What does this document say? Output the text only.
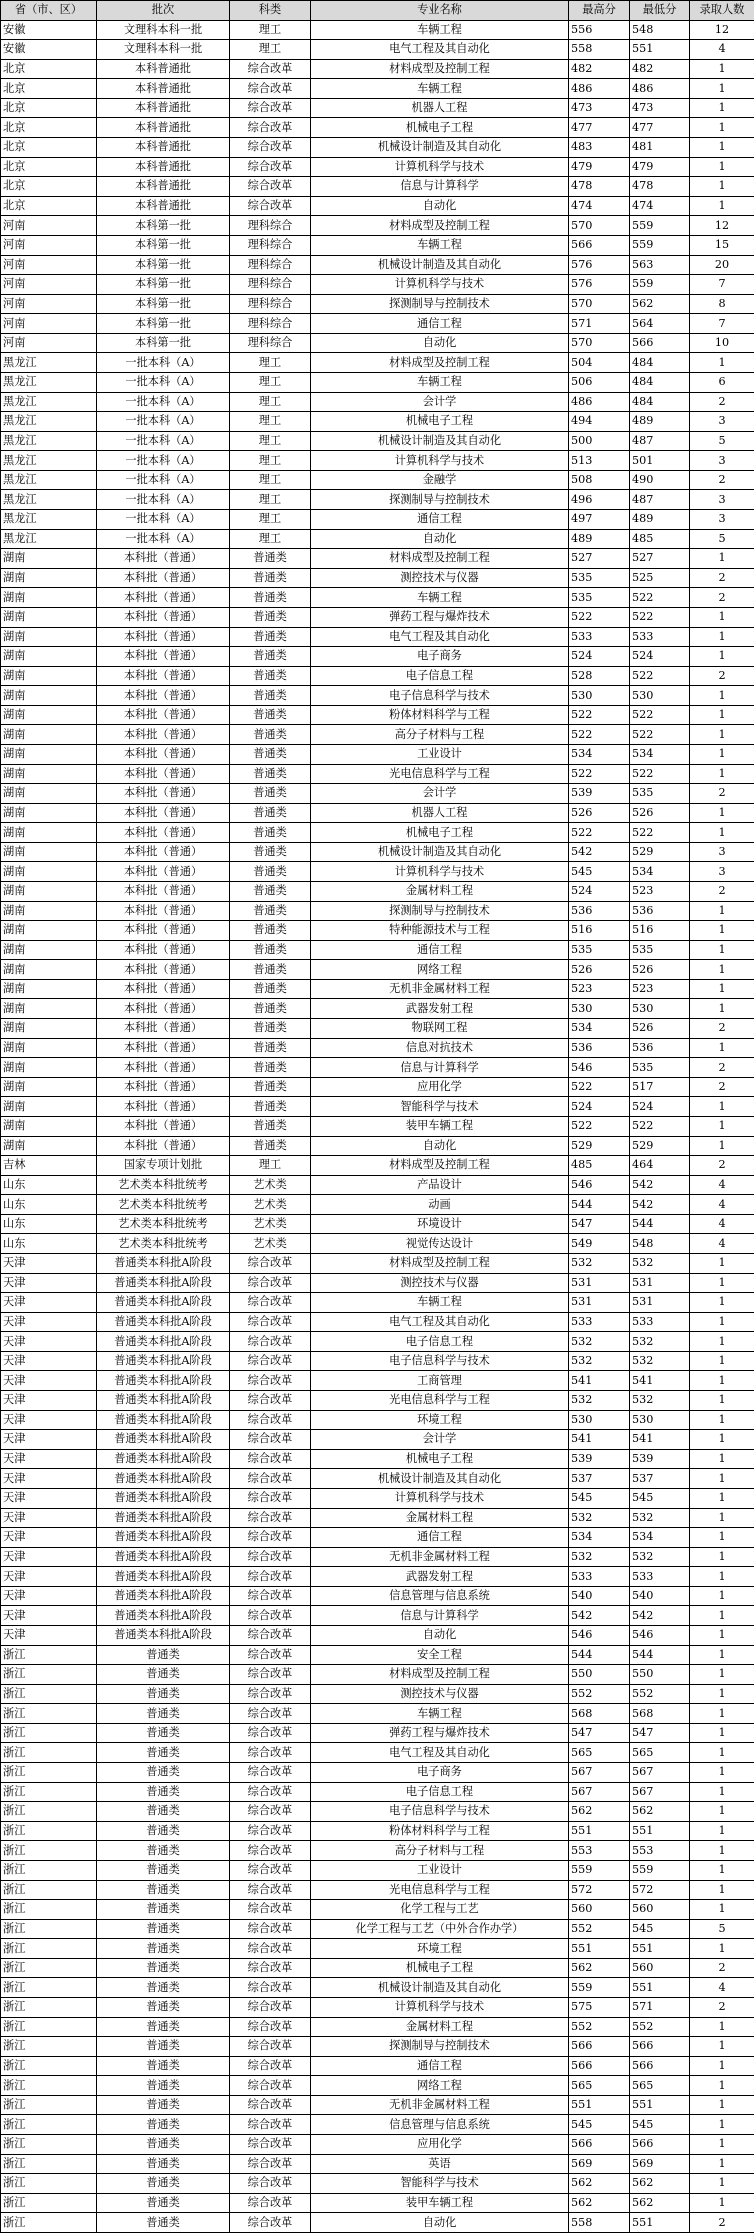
省（市、区）	批次	科类	专业名称	最高分	最低分	录取人数
安徽	文理科本科一批	理工	车辆工程	556	548	12
安徽	文理科本科一批	理工	电气工程及其自动化	558	551	4
北京	本科普通批	综合改革	材料成型及控制工程	482	482	1
北京	本科普通批	综合改革	车辆工程	486	486	1
北京	本科普通批	综合改革	机器人工程	473	473	1
北京	本科普通批	综合改革	机械电子工程	477	477	1
北京	本科普通批	综合改革	机械设计制造及其自动化	483	481	1
北京	本科普通批	综合改革	计算机科学与技术	479	479	1
北京	本科普通批	综合改革	信息与计算科学	478	478	1
北京	本科普通批	综合改革	自动化	474	474	1
河南	本科第一批	理科综合	材料成型及控制工程	570	559	12
河南	本科第一批	理科综合	车辆工程	566	559	15
河南	本科第一批	理科综合	机械设计制造及其自动化	576	563	20
河南	本科第一批	理科综合	计算机科学与技术	576	559	7
河南	本科第一批	理科综合	探测制导与控制技术	570	562	8
河南	本科第一批	理科综合	通信工程	571	564	7
河南	本科第一批	理科综合	自动化	570	566	10
黑龙江	一批本科（A）	理工	材料成型及控制工程	504	484	1
黑龙江	一批本科（A）	理工	车辆工程	506	484	6
黑龙江	一批本科（A）	理工	会计学	486	484	2
黑龙江	一批本科（A）	理工	机械电子工程	494	489	3
黑龙江	一批本科（A）	理工	机械设计制造及其自动化	500	487	5
黑龙江	一批本科（A）	理工	计算机科学与技术	513	501	3
黑龙江	一批本科（A）	理工	金融学	508	490	2
黑龙江	一批本科（A）	理工	探测制导与控制技术	496	487	3
黑龙江	一批本科（A）	理工	通信工程	497	489	3
黑龙江	一批本科（A）	理工	自动化	489	485	5
湖南	本科批（普通）	普通类	材料成型及控制工程	527	527	1
湖南	本科批（普通）	普通类	测控技术与仪器	535	525	2
湖南	本科批（普通）	普通类	车辆工程	535	522	2
湖南	本科批（普通）	普通类	弹药工程与爆炸技术	522	522	1
湖南	本科批（普通）	普通类	电气工程及其自动化	533	533	1
湖南	本科批（普通）	普通类	电子商务	524	524	1
湖南	本科批（普通）	普通类	电子信息工程	528	522	2
湖南	本科批（普通）	普通类	电子信息科学与技术	530	530	1
湖南	本科批（普通）	普通类	粉体材料科学与工程	522	522	1
湖南	本科批（普通）	普通类	高分子材料与工程	522	522	1
湖南	本科批（普通）	普通类	工业设计	534	534	1
湖南	本科批（普通）	普通类	光电信息科学与工程	522	522	1
湖南	本科批（普通）	普通类	会计学	539	535	2
湖南	本科批（普通）	普通类	机器人工程	526	526	1
湖南	本科批（普通）	普通类	机械电子工程	522	522	1
湖南	本科批（普通）	普通类	机械设计制造及其自动化	542	529	3
湖南	本科批（普通）	普通类	计算机科学与技术	545	534	3
湖南	本科批（普通）	普通类	金属材料工程	524	523	2
湖南	本科批（普通）	普通类	探测制导与控制技术	536	536	1
湖南	本科批（普通）	普通类	特种能源技术与工程	516	516	1
湖南	本科批（普通）	普通类	通信工程	535	535	1
湖南	本科批（普通）	普通类	网络工程	526	526	1
湖南	本科批（普通）	普通类	无机非金属材料工程	523	523	1
湖南	本科批（普通）	普通类	武器发射工程	530	530	1
湖南	本科批（普通）	普通类	物联网工程	534	526	2
湖南	本科批（普通）	普通类	信息对抗技术	536	536	1
湖南	本科批（普通）	普通类	信息与计算科学	546	535	2
湖南	本科批（普通）	普通类	应用化学	522	517	2
湖南	本科批（普通）	普通类	智能科学与技术	524	524	1
湖南	本科批（普通）	普通类	装甲车辆工程	522	522	1
湖南	本科批（普通）	普通类	自动化	529	529	1
吉林	国家专项计划批	理工	材料成型及控制工程	485	464	2
山东	艺术类本科批统考	艺术类	产品设计	546	542	4
山东	艺术类本科批统考	艺术类	动画	544	542	4
山东	艺术类本科批统考	艺术类	环境设计	547	544	4
山东	艺术类本科批统考	艺术类	视觉传达设计	549	548	4
天津	普通类本科批A阶段	综合改革	材料成型及控制工程	532	532	1
天津	普通类本科批A阶段	综合改革	测控技术与仪器	531	531	1
天津	普通类本科批A阶段	综合改革	车辆工程	531	531	1
天津	普通类本科批A阶段	综合改革	电气工程及其自动化	533	533	1
天津	普通类本科批A阶段	综合改革	电子信息工程	532	532	1
天津	普通类本科批A阶段	综合改革	电子信息科学与技术	532	532	1
天津	普通类本科批A阶段	综合改革	工商管理	541	541	1
天津	普通类本科批A阶段	综合改革	光电信息科学与工程	532	532	1
天津	普通类本科批A阶段	综合改革	环境工程	530	530	1
天津	普通类本科批A阶段	综合改革	会计学	541	541	1
天津	普通类本科批A阶段	综合改革	机械电子工程	539	539	1
天津	普通类本科批A阶段	综合改革	机械设计制造及其自动化	537	537	1
天津	普通类本科批A阶段	综合改革	计算机科学与技术	545	545	1
天津	普通类本科批A阶段	综合改革	金属材料工程	532	532	1
天津	普通类本科批A阶段	综合改革	通信工程	534	534	1
天津	普通类本科批A阶段	综合改革	无机非金属材料工程	532	532	1
天津	普通类本科批A阶段	综合改革	武器发射工程	533	533	1
天津	普通类本科批A阶段	综合改革	信息管理与信息系统	540	540	1
天津	普通类本科批A阶段	综合改革	信息与计算科学	542	542	1
天津	普通类本科批A阶段	综合改革	自动化	546	546	1
浙江	普通类	综合改革	安全工程	544	544	1
浙江	普通类	综合改革	材料成型及控制工程	550	550	1
浙江	普通类	综合改革	测控技术与仪器	552	552	1
浙江	普通类	综合改革	车辆工程	568	568	1
浙江	普通类	综合改革	弹药工程与爆炸技术	547	547	1
浙江	普通类	综合改革	电气工程及其自动化	565	565	1
浙江	普通类	综合改革	电子商务	567	567	1
浙江	普通类	综合改革	电子信息工程	567	567	1
浙江	普通类	综合改革	电子信息科学与技术	562	562	1
浙江	普通类	综合改革	粉体材料科学与工程	551	551	1
浙江	普通类	综合改革	高分子材料与工程	553	553	1
浙江	普通类	综合改革	工业设计	559	559	1
浙江	普通类	综合改革	光电信息科学与工程	572	572	1
浙江	普通类	综合改革	化学工程与工艺	560	560	1
浙江	普通类	综合改革	化学工程与工艺（中外合作办学）	552	545	5
浙江	普通类	综合改革	环境工程	551	551	1
浙江	普通类	综合改革	机械电子工程	562	560	2
浙江	普通类	综合改革	机械设计制造及其自动化	559	551	4
浙江	普通类	综合改革	计算机科学与技术	575	571	2
浙江	普通类	综合改革	金属材料工程	552	552	1
浙江	普通类	综合改革	探测制导与控制技术	566	566	1
浙江	普通类	综合改革	通信工程	566	566	1
浙江	普通类	综合改革	网络工程	565	565	1
浙江	普通类	综合改革	无机非金属材料工程	551	551	1
浙江	普通类	综合改革	信息管理与信息系统	545	545	1
浙江	普通类	综合改革	应用化学	566	566	1
浙江	普通类	综合改革	英语	569	569	1
浙江	普通类	综合改革	智能科学与技术	562	562	1
浙江	普通类	综合改革	装甲车辆工程	562	562	1
浙江	普通类	综合改革	自动化	558	551	2
